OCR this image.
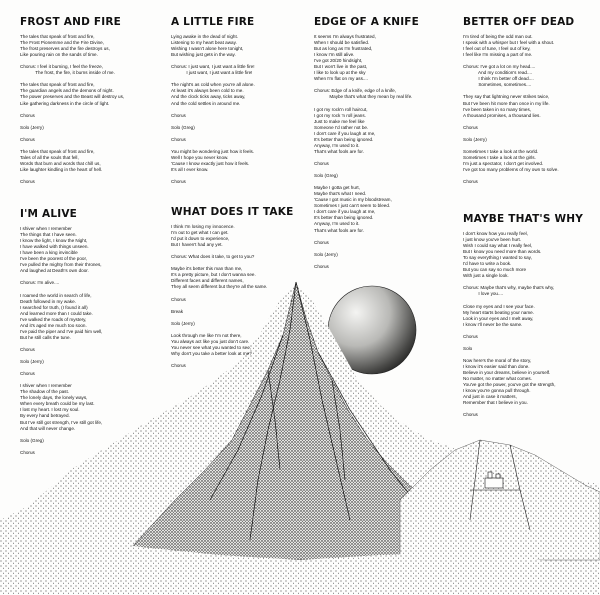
FROST AND FIRE
The tales that speak of frost and fire,
The Frost Pionemme and the Fire Divine,
The frost preserves and the fire destroys us,
Like pouring rain on the sands of time.

Chorus: I feel it burning, I feel the freeze,
The frost, the fire, it burns inside of me.

The tales that speak of frost and fire,
The guardian angels and the demons of night.
The power preserves and the Beast will destroy us,
Like gathering darkness in the circle of light.

Chorus

Solo (Jerry)

Chorus

The tales that speak of frost and fire,
Tales of all the souls that fell,
Words that burn and words that chill us,
Like laughter kindling in the heart of hell.

Chorus
I'M ALIVE
I shiver when I remember
The things that I have seen.
I know the light, I know the Night,
I have walked with things unseen.
I have been a king invincible
I've been the poorest of the poor,
I've pulled the mighty from their thrones,
And laughed at Death's own door.

Chorus: I'm alive....

I roamed the world in search of life,
Death followed in my wake.
I searched for truth, (I found it all)
And learned more than I could take.
I've walked the roads of mystery,
And it's aged me much too soon.
I've paid the piper and I've paid him well,
But he still calls the tune.

Chorus

Solo (Jerry)

Chorus

I shiver when I remember
The shadow of the past.
The lonely days, the lonely ways,
When every breath could be my last.
I lost my heart. I lost my soul.
By every hand betrayed.
But I've still got strength, I've still got life,
And that will never change.

Solo (Greg)

Chorus
A LITTLE FIRE
Lying awake in the dead of night.
Listening to my heart beat away.
Wishing I wasn't alone here tonight,
But wishing just gets in the way.

Chorus: I just want, I just want a little fire!
I just want, I just want a little fire!

The night's as cold when you're all alone.
At least it's always been cold to me.
And the clock ticks away, ticks away,
And the cold settles in around me.

Chorus

Solo (Greg)

Chorus

You might be wondering just how it feels.
Well I hope you never know.
'Cause I know exactly just how it feels.
It's all I ever know.

Chorus
WHAT DOES IT TAKE
I think I'm losing my innocence.
I'm out to get what I can get.
I'd put it down to experience,
But I haven't had any yet.

Chorus: What does it take, to get to you?

Maybe it's better this man than me,
It's a pretty picture, but I don't wanna see.
Different faces and different names,
They all seem different but they're all the same.

Chorus

Break

Solo (Jerry)

Look through me like I'm not there,
You always act like you just don't care.
You never see what you wanted to see,
Why don't you take a better look at me?

Chorus
EDGE OF A KNIFE
It seems I'm always frustrated,
When I should be satisfied.
But as long as I'm frustrated,
I know I'm still alive.
I've got 20/20 hindsight,
But I won't live in the past,
I like to look up at the sky
When I'm flat on my ass....

Chorus: Edge of a knife, edge of a knife,
Maybe that's what they mean by real life.

I got my rock'n roll haircut,
I got my rock 'n roll jeans.
Just to make me feel like
Someone I'd rather not be.
I don't care if you laugh at me,
It's better than being ignored.
Anyway, I'm used to it.
That's what fools are for.

Chorus

Solo (Greg)

Maybe I gotta get hurt,
Maybe that's what I need.
'Cause I got music in my bloodstream,
Sometimes I just can't seem to bleed.
I don't care if you laugh at me,
It's better than being ignored.
Anyway, I'm used to it.
That's what fools are for.

Chorus

Solo (Jerry)

Chorus
BETTER OFF DEAD
I'm tired of being the odd man out.
I speak with a whisper but I feel with a shout.
I feel out of tune, I feel out of key,
I feel like I'm missing a part of me.

Chorus: I've got a lot on my head....
And my condition's read....
I think I'm better off dead....
Sometimes, sometimes....

They say that lightning never strikes twice,
But I've been hit more than once in my life.
I've been taken in so many times,
A thousand promises, a thousand lies.

Chorus

Solo (Jerry)

Sometimes I take a look at the world.
Sometimes I take a look at the girls.
I'm just a spectator, I don't get involved.
I've got too many problems of my own to solve.

Chorus
MAYBE THAT'S WHY
I don't know how you really feel,
I just know you've been hurt.
Wish I could say what I really feel,
But I know you need more than words.
To say everything I wanted to say,
I'd have to write a book.
But you can say so much more
With just a single look.

Chorus: Maybe that's why, maybe that's why,
I love you....

Close my eyes and I see your face.
My heart starts beating your name.
Look in your eyes and I melt away,
I know I'll never be the same.

Chorus

Solo

Now here's the moral of the story,
I know it's easier said than done.
Believe in your dreams, believe in yourself.
No matter, no matter what comes.
You've got the power, you've got the strength,
I know you're gonna pull through.
And just in case it matters,
Remember that I believe in you.

Chorus
